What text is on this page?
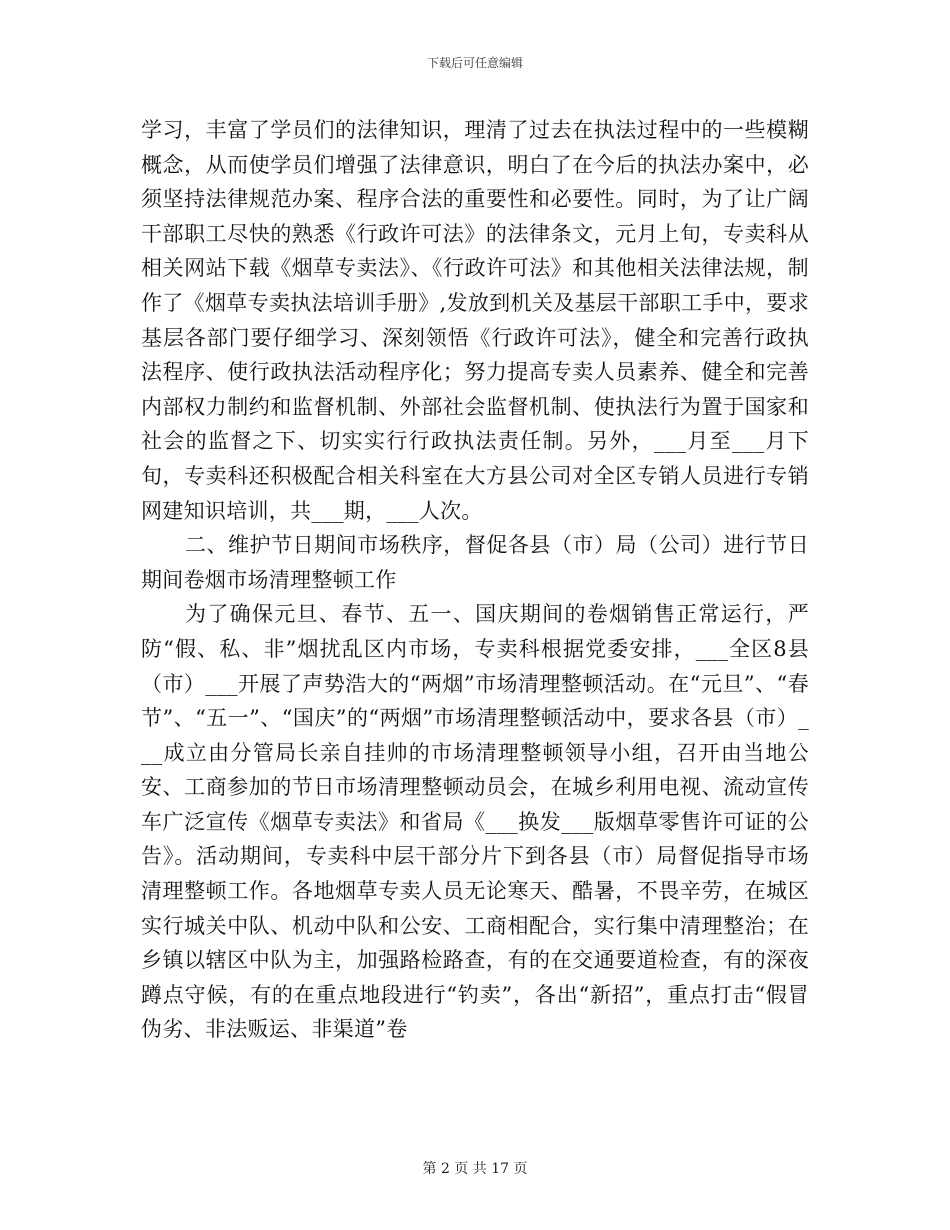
下载后可任意编辑

学习，丰富了学员们的法律知识，理清了过去在执法过程中的一些模糊概念，从而使学员们增强了法律意识，明白了在今后的执法办案中，必须坚持法律规范办案、程序合法的重要性和必要性。同时，为了让广阔干部职工尽快的熟悉《行政许可法》的法律条文，元月上旬，专卖科从相关网站下载《烟草专卖法》、《行政许可法》和其他相关法律法规，制作了《烟草专卖执法培训手册》,发放到机关及基层干部职工手中，要求基层各部门要仔细学习、深刻领悟《行政许可法》，健全和完善行政执法程序、使行政执法活动程序化；努力提高专卖人员素养、健全和完善内部权力制约和监督机制、外部社会监督机制、使执法行为置于国家和社会的监督之下、切实实行行政执法责任制。另外，___月至___月下旬，专卖科还积极配合相关科室在大方县公司对全区专销人员进行专销网建知识培训，共___期，___人次。

二、维护节日期间市场秩序，督促各县（市）局（公司）进行节日期间卷烟市场清理整顿工作

为了确保元旦、春节、五一、国庆期间的卷烟销售正常运行，严防“假、私、非”烟扰乱区内市场，专卖科根据党委安排，___全区8县（市）___开展了声势浩大的“两烟”市场清理整顿活动。在“元旦”、“春节”、“五一”、“国庆”的“两烟”市场清理整顿活动中，要求各县（市）___成立由分管局长亲自挂帅的市场清理整顿领导小组，召开由当地公安、工商参加的节日市场清理整顿动员会，在城乡利用电视、流动宣传车广泛宣传《烟草专卖法》和省局《___换发___版烟草零售许可证的公告》。活动期间，专卖科中层干部分片下到各县（市）局督促指导市场清理整顿工作。各地烟草专卖人员无论寒天、酷暑，不畏辛劳，在城区实行城关中队、机动中队和公安、工商相配合，实行集中清理整治；在乡镇以辖区中队为主，加强路检路查，有的在交通要道检查，有的深夜蹲点守候，有的在重点地段进行“钓卖”，各出“新招”，重点打击“假冒伪劣、非法贩运、非渠道”卷

第 2 页 共 17 页
